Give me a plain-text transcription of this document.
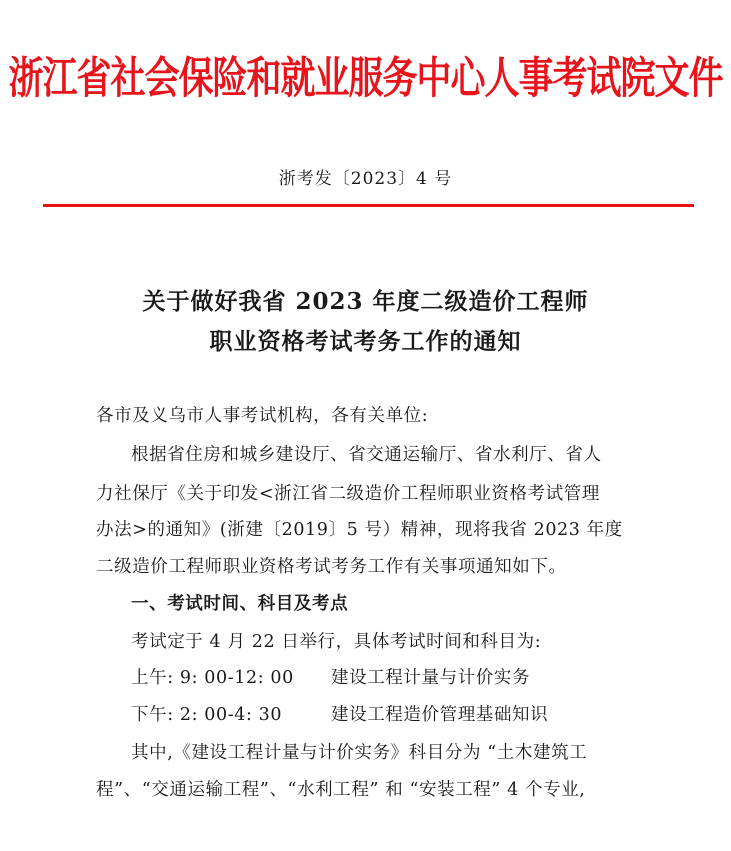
浙江省社会保险和就业服务中心人事考试院文件
浙考发〔2023〕4 号
关于做好我省 2023 年度二级造价工程师
职业资格考试考务工作的通知
各市及义乌市人事考试机构，各有关单位:
根据省住房和城乡建设厅、省交通运输厅、省水利厅、省人
力社保厅《关于印发<浙江省二级造价工程师职业资格考试管理
办法>的通知》(浙建〔2019〕5 号）精神，现将我省 2023 年度
二级造价工程师职业资格考试考务工作有关事项通知如下。
一、考试时间、科目及考点
考试定于 4 月 22 日举行，具体考试时间和科目为:
上午: 9: 00-12: 00 建设工程计量与计价实务
下午: 2: 00-4: 30	建设工程造价管理基础知识
其中,《建设工程计量与计价实务》科目分为 “土木建筑工
程”、“交通运输工程”、“水利工程” 和 “安装工程” 4 个专业,
